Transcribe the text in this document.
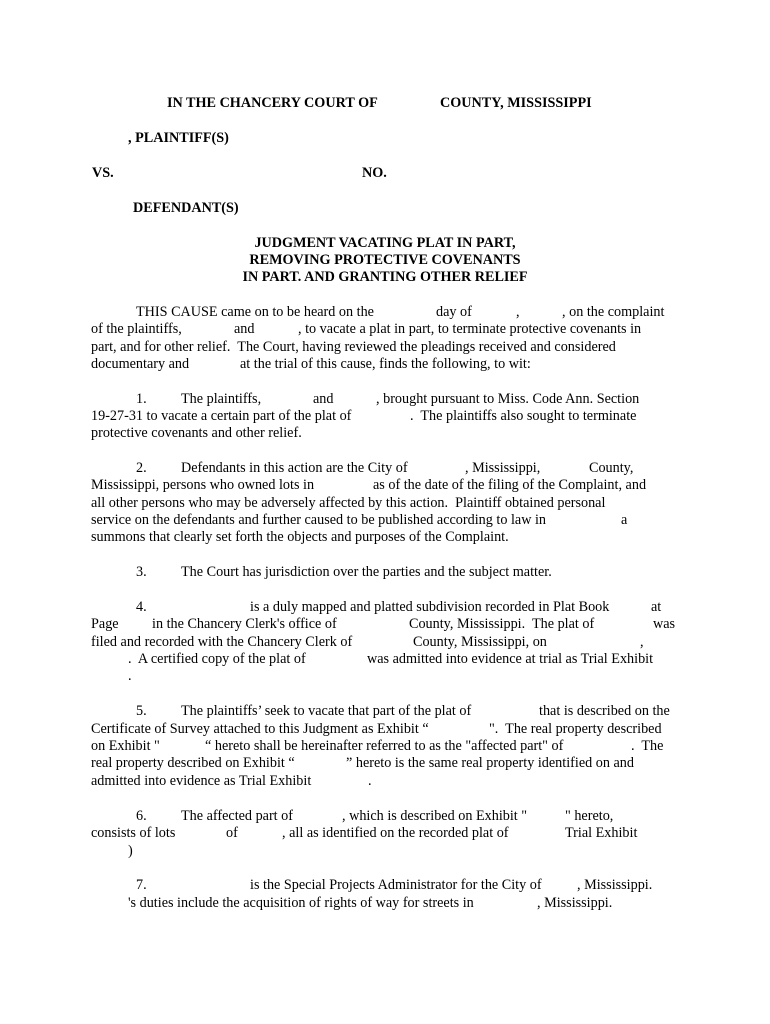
IN THE CHANCERY COURT OF	COUNTY, MISSISSIPPI
, PLAINTIFF(S)
VS.	NO.
DEFENDANT(S)
JUDGMENT VACATING PLAT IN PART,
REMOVING PROTECTIVE COVENANTS
IN PART. AND GRANTING OTHER RELIEF
THIS CAUSE came on to be heard on the	day of	,	, on the complaint
of the plaintiffs,	and	, to vacate a plat in part, to terminate protective covenants in
part, and for other relief.  The Court, having reviewed the pleadings received and considered
documentary and	at the trial of this cause, finds the following, to wit:
1. The plaintiffs,	and	, brought pursuant to Miss. Code Ann. Section
19-27-31 to vacate a certain part of the plat of	.  The plaintiffs also sought to terminate
protective covenants and other relief.
2. Defendants in this action are the City of	, Mississippi,	County,
Mississippi, persons who owned lots in	as of the date of the filing of the Complaint, and
all other persons who may be adversely affected by this action.  Plaintiff obtained personal
service on the defendants and further caused to be published according to law in	a
summons that clearly set forth the objects and purposes of the Complaint.
3. The Court has jurisdiction over the parties and the subject matter.
4.	is a duly mapped and platted subdivision recorded in Plat Book	at
Page in the Chancery Clerk's office of	County, Mississippi.  The plat of	was
filed and recorded with the Chancery Clerk of	County, Mississippi, on	,
.  A certified copy of the plat of	was admitted into evidence at trial as Trial Exhibit
.
5. The plaintiffs’ seek to vacate that part of the plat of	that is described on the
Certificate of Survey attached to this Judgment as Exhibit “	".  The real property described
on Exhibit "	“ hereto shall be hereinafter referred to as the "affected part" of	.  The
real property described on Exhibit “	” hereto is the same real property identified on and
admitted into evidence as Trial Exhibit	.
6. The affected part of	, which is described on Exhibit "	" hereto,
consists of lots	of	, all as identified on the recorded plat of	Trial Exhibit
)
7.	is the Special Projects Administrator for the City of , Mississippi.
's duties include the acquisition of rights of way for streets in	, Mississippi.
